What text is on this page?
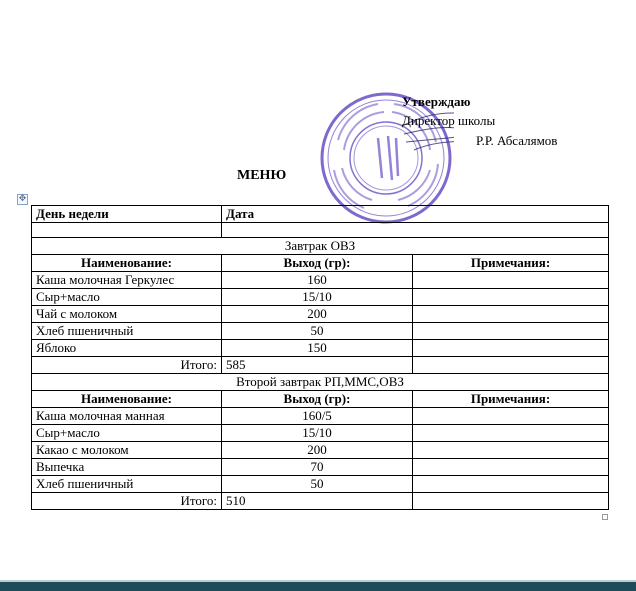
Утверждаю
Директор школы
Р.Р. Абсалямов
МЕНЮ
✥
День недели	Дата	

Завтрак ОВЗ		
Наименование:	Выход (гр):	Примечания:
Каша молочная Геркулес	160	
Сыр+масло	15/10	
Чай с молоком	200	
Хлеб пшеничный	50	
Яблоко	150	
Итого:	585	
Второй завтрак РП,ММС,ОВЗ		
Наименование:	Выход (гр):	Примечания:
Каша молочная манная	160/5	
Сыр+масло	15/10	
Какао с молоком	200	
Выпечка	70	
Хлеб пшеничный	50	
Итого:	510	
